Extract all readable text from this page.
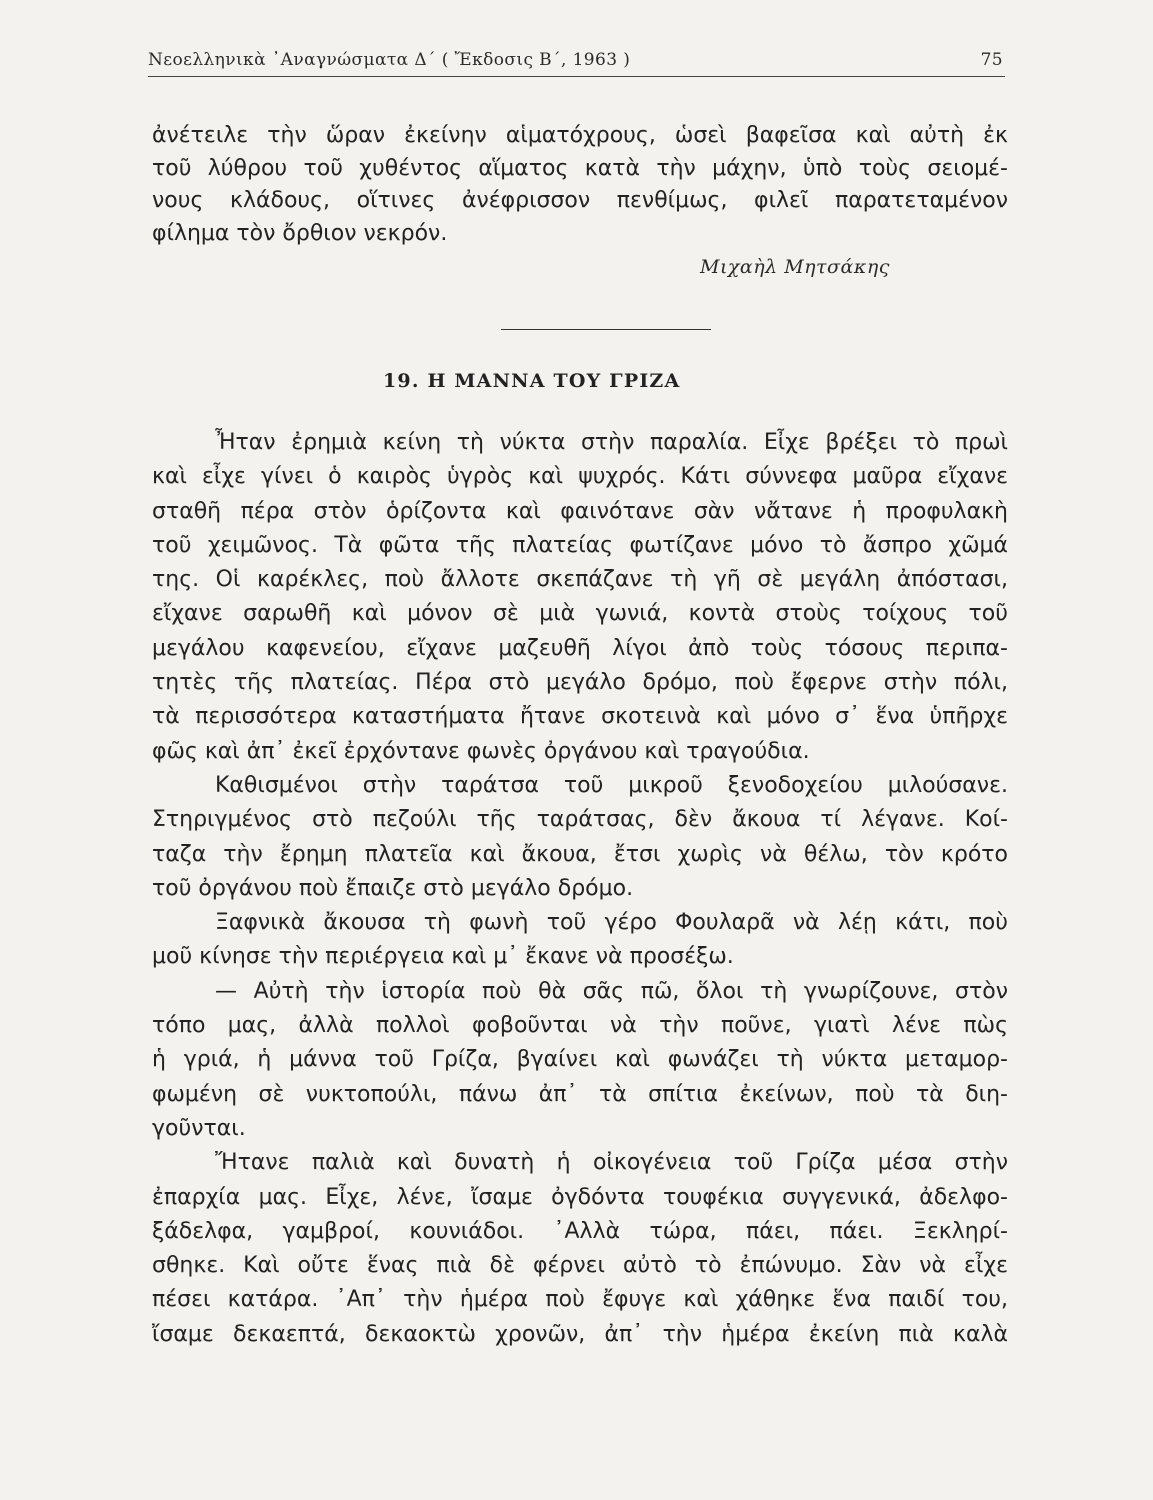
Νεοελληνικὰ ᾿Αναγνώσματα Δ΄ ( Ἔκδοσις Β΄, 1963 )	75
ἀνέτειλε τὴν ὥραν ἐκείνην αἱματόχρους, ὡσεὶ βαφεῖσα καὶ αὐτὴ ἐκ
τοῦ λύθρου τοῦ χυθέντος αἵματος κατὰ τὴν μάχην, ὑπὸ τοὺς σειομέ-
νους κλάδους, οἵτινες ἀνέφρισσον πενθίμως, φιλεῖ παρατεταμένον
φίλημα τὸν ὄρθιον νεκρόν.
Μιχαὴλ Μητσάκης
19. Η ΜΑΝΝΑ ΤΟΥ ΓΡΙΖΑ
Ἦταν ἐρημιὰ κείνη τὴ νύκτα στὴν παραλία. Εἶχε βρέξει τὸ πρωὶ
καὶ εἶχε γίνει ὁ καιρὸς ὑγρὸς καὶ ψυχρός. Κάτι σύννεφα μαῦρα εἴχανε
σταθῆ πέρα στὸν ὁρίζοντα καὶ φαινότανε σὰν νἄτανε ἡ προφυλακὴ
τοῦ χειμῶνος. Τὰ φῶτα τῆς πλατείας φωτίζανε μόνο τὸ ἄσπρο χῶμά
της. Οἱ καρέκλες, ποὺ ἄλλοτε σκεπάζανε τὴ γῆ σὲ μεγάλη ἀπόστασι,
εἴχανε σαρωθῆ καὶ μόνον σὲ μιὰ γωνιά, κοντὰ στοὺς τοίχους τοῦ
μεγάλου καφενείου, εἴχανε μαζευθῆ λίγοι ἀπὸ τοὺς τόσους περιπα-
τητὲς τῆς πλατείας. Πέρα στὸ μεγάλο δρόμο, ποὺ ἔφερνε στὴν πόλι,
τὰ περισσότερα καταστήματα ἤτανε σκοτεινὰ καὶ μόνο σ᾿ ἕνα ὑπῆρχε
φῶς καὶ ἀπ᾿ ἐκεῖ ἐρχόντανε φωνὲς ὀργάνου καὶ τραγούδια.
Καθισμένοι στὴν ταράτσα τοῦ μικροῦ ξενοδοχείου μιλούσανε.
Στηριγμένος στὸ πεζούλι τῆς ταράτσας, δὲν ἄκουα τί λέγανε. Κοί-
ταζα τὴν ἔρημη πλατεῖα καὶ ἄκουα, ἔτσι χωρὶς νὰ θέλω, τὸν κρότο
τοῦ ὀργάνου ποὺ ἔπαιζε στὸ μεγάλο δρόμο.
Ξαφνικὰ ἄκουσα τὴ φωνὴ τοῦ γέρο Φουλαρᾶ νὰ λέῃ κάτι, ποὺ
μοῦ κίνησε τὴν περιέργεια καὶ μ᾿ ἔκανε νὰ προσέξω.
— Αὐτὴ τὴν ἱστορία ποὺ θὰ σᾶς πῶ, ὅλοι τὴ γνωρίζουνε, στὸν
τόπο μας, ἀλλὰ πολλοὶ φοβοῦνται νὰ τὴν ποῦνε, γιατὶ λένε πὼς
ἡ γριά, ἡ μάννα τοῦ Γρίζα, βγαίνει καὶ φωνάζει τὴ νύκτα μεταμορ-
φωμένη σὲ νυκτοπούλι, πάνω ἀπ᾿ τὰ σπίτια ἐκείνων, ποὺ τὰ διη-
γοῦνται.
Ἤτανε παλιὰ καὶ δυνατὴ ἡ οἰκογένεια τοῦ Γρίζα μέσα στὴν
ἐπαρχία μας. Εἶχε, λένε, ἴσαμε ὀγδόντα τουφέκια συγγενικά, ἀδελφο-
ξάδελφα, γαμβροί, κουνιάδοι. ᾿Αλλὰ τώρα, πάει, πάει. Ξεκληρί-
σθηκε. Καὶ οὔτε ἕνας πιὰ δὲ φέρνει αὐτὸ τὸ ἐπώνυμο. Σὰν νὰ εἶχε
πέσει κατάρα. ᾿Απ᾿ τὴν ἡμέρα ποὺ ἔφυγε καὶ χάθηκε ἕνα παιδί του,
ἴσαμε δεκαεπτά, δεκαοκτὼ χρονῶν, ἀπ᾿ τὴν ἡμέρα ἐκείνη πιὰ καλὰ
